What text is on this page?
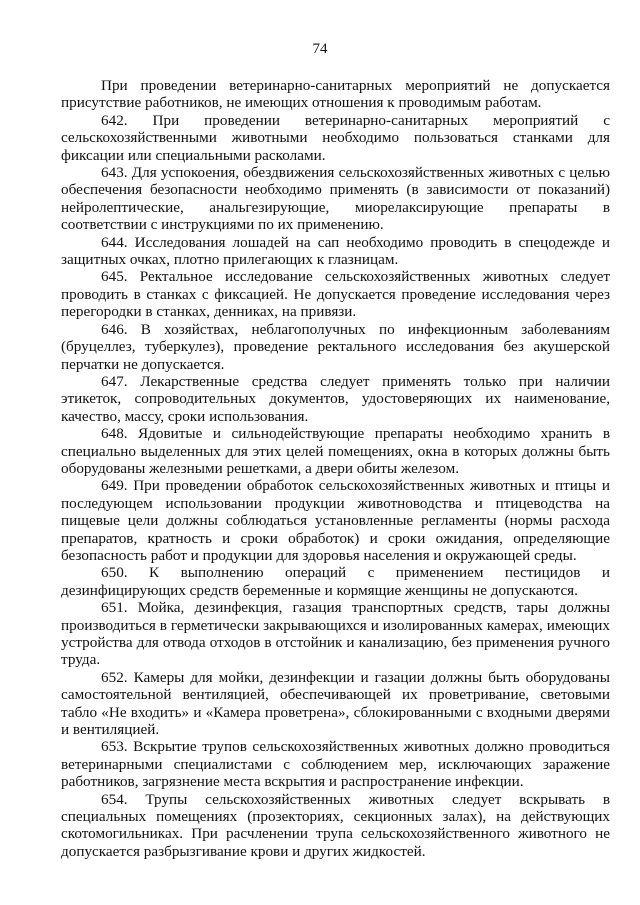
74

При проведении ветеринарно-санитарных мероприятий не допускается присутствие работников, не имеющих отношения к проводимым работам.

642. При проведении ветеринарно-санитарных мероприятий с сельскохозяйственными животными необходимо пользоваться станками для фиксации или специальными расколами.

643. Для успокоения, обездвижения сельскохозяйственных животных с целью обеспечения безопасности необходимо применять (в зависимости от показаний) нейролептические, анальгезирующие, миорелаксирующие препараты в соответствии с инструкциями по их применению.

644. Исследования лошадей на сап необходимо проводить в спецодежде и защитных очках, плотно прилегающих к глазницам.

645. Ректальное исследование сельскохозяйственных животных следует проводить в станках с фиксацией. Не допускается проведение исследования через перегородки в станках, денниках, на привязи.

646. В хозяйствах, неблагополучных по инфекционным заболеваниям (бруцеллез, туберкулез), проведение ректального исследования без акушерской перчатки не допускается.

647. Лекарственные средства следует применять только при наличии этикеток, сопроводительных документов, удостоверяющих их наименование, качество, массу, сроки использования.

648. Ядовитые и сильнодействующие препараты необходимо хранить в специально выделенных для этих целей помещениях, окна в которых должны быть оборудованы железными решетками, а двери обиты железом.

649. При проведении обработок сельскохозяйственных животных и птицы и последующем использовании продукции животноводства и птицеводства на пищевые цели должны соблюдаться установленные регламенты (нормы расхода препаратов, кратность и сроки обработок) и сроки ожидания, определяющие безопасность работ и продукции для здоровья населения и окружающей среды.

650. К выполнению операций с применением пестицидов и дезинфицирующих средств беременные и кормящие женщины не допускаются.

651. Мойка, дезинфекция, газация транспортных средств, тары должны производиться в герметически закрывающихся и изолированных камерах, имеющих устройства для отвода отходов в отстойник и канализацию, без применения ручного труда.

652. Камеры для мойки, дезинфекции и газации должны быть оборудованы самостоятельной вентиляцией, обеспечивающей их проветривание, световыми табло «Не входить» и «Камера проветрена», сблокированными с входными дверями и вентиляцией.

653. Вскрытие трупов сельскохозяйственных животных должно проводиться ветеринарными специалистами с соблюдением мер, исключающих заражение работников, загрязнение места вскрытия и распространение инфекции.

654. Трупы сельскохозяйственных животных следует вскрывать в специальных помещениях (прозекториях, секционных залах), на действующих скотомогильниках. При расчленении трупа сельскохозяйственного животного не допускается разбрызгивание крови и других жидкостей.
